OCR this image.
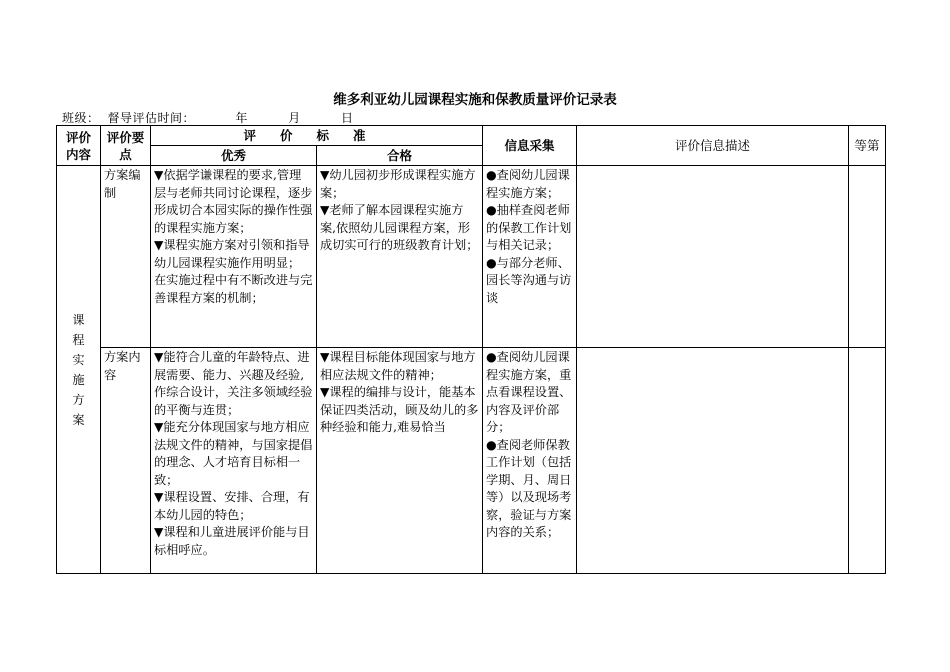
维多利亚幼儿园课程实施和保教质量评价记录表
班级： 督导评估时间：	年	月	日
评价内容	评价要点	评价标准		信息采集	评价信息描述	等第
		优秀	合格			

课程实施方案	方案编制	▼依据学谦课程的要求,管理层与老师共同讨论课程，逐步形成切合本园实际的操作性强的课程实施方案；
▼课程实施方案对引领和指导幼儿园课程实施作用明显；
在实施过程中有不断改进与完善课程方案的机制；	▼幼儿园初步形成课程实施方案；
▼老师了解本园课程实施方案,依照幼儿园课程方案，形成切实可行的班级教育计划；	●查阅幼儿园课程实施方案；
●抽样查阅老师的保教工作计划与相关记录；
●与部分老师、园长等沟通与访谈		

	方案内容	▼能符合儿童的年龄特点、进展需要、能力、兴趣及经验,作综合设计，关注多领域经验的平衡与连贯；
▼能充分体现国家与地方相应法规文件的精神，与国家提倡的理念、人才培育目标相一致；
▼课程设置、安排、合理，有本幼儿园的特色；
▼课程和儿童进展评价能与目标相呼应。	▼课程目标能体现国家与地方相应法规文件的精神；
▼课程的编排与设计，能基本保证四类活动，顾及幼儿的多种经验和能力,难易恰当	●查阅幼儿园课程实施方案，重点看课程设置、内容及评价部分；
●查阅老师保教工作计划（包括学期、月、周日等）以及现场考察，验证与方案内容的关系；		
